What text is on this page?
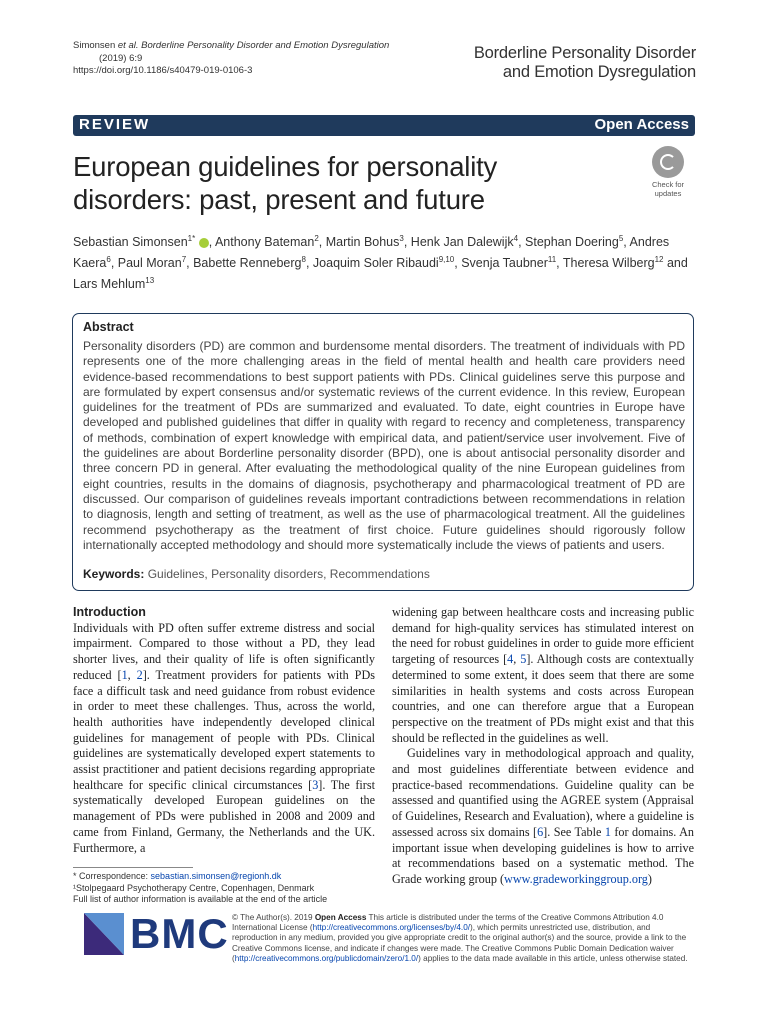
Simonsen et al. Borderline Personality Disorder and Emotion Dysregulation
(2019) 6:9
https://doi.org/10.1186/s40479-019-0106-3
Borderline Personality Disorder
and Emotion Dysregulation
REVIEW	Open Access
European guidelines for personality disorders: past, present and future	Check for updates
Sebastian Simonsen$^{1*}$ , Anthony Bateman$^2$, Martin Bohus$^3$, Henk Jan Dalewijk$^4$, Stephan Doering$^5$, Andres Kaera$^6$, Paul Moran$^7$, Babette Renneberg$^8$, Joaquim Soler Ribaudi$^{9,10}$, Svenja Taubner$^{11}$, Theresa Wilberg$^{12}$ and Lars Mehlum$^{13}$
Abstract
Personality disorders (PD) are common and burdensome mental disorders. The treatment of individuals with PD represents one of the more challenging areas in the field of mental health and health care providers need evidence-based recommendations to best support patients with PDs. Clinical guidelines serve this purpose and are formulated by expert consensus and/or systematic reviews of the current evidence. In this review, European guidelines for the treatment of PDs are summarized and evaluated. To date, eight countries in Europe have developed and published guidelines that differ in quality with regard to recency and completeness, transparency of methods, combination of expert knowledge with empirical data, and patient/service user involvement. Five of the guidelines are about Borderline personality disorder (BPD), one is about antisocial personality disorder and three concern PD in general. After evaluating the methodological quality of the nine European guidelines from eight countries, results in the domains of diagnosis, psychotherapy and pharmacological treatment of PD are discussed. Our comparison of guidelines reveals important contradictions between recommendations in relation to diagnosis, length and setting of treatment, as well as the use of pharmacological treatment. All the guidelines recommend psychotherapy as the treatment of first choice. Future guidelines should rigorously follow internationally accepted methodology and should more systematically include the views of patients and users.
Keywords: Guidelines, Personality disorders, Recommendations
Introduction

Individuals with PD often suffer extreme distress and social impairment. Compared to those without a PD, they lead shorter lives, and their quality of life is often significantly reduced [1, 2]. Treatment providers for patients with PDs face a difficult task and need guidance from robust evidence in order to meet these challenges. Thus, across the world, health authorities have independently developed clinical guidelines for management of people with PDs. Clinical guidelines are systematically developed expert statements to assist practitioner and patient decisions regarding appropriate healthcare for specific clinical circumstances [3]. The first systematically developed European guidelines on the management of PDs were published in 2008 and 2009 and came from Finland, Germany, the Netherlands and the UK. Furthermore, a

widening gap between healthcare costs and increasing public demand for high-quality services has stimulated interest on the need for robust guidelines in order to guide more efficient targeting of resources [4, 5]. Although costs are contextually determined to some extent, it does seem that there are some similarities in health systems and costs across European countries, and one can therefore argue that a European perspective on the treatment of PDs might exist and that this should be reflected in the guidelines as well.

Guidelines vary in methodological approach and quality, and most guidelines differentiate between evidence and practice-based recommendations. Guideline quality can be assessed and quantified using the AGREE system (Appraisal of Guidelines, Research and Evaluation), where a guideline is assessed across six domains [6]. See Table 1 for domains. An important issue when developing guidelines is how to arrive at recommendations based on a systematic method. The Grade working group (www.gradeworkinggroup.org)

* Correspondence: sebastian.simonsen@regionh.dk
¹Stolpegaard Psychotherapy Centre, Copenhagen, Denmark
Full list of author information is available at the end of the article
BMC © The Author(s). 2019 Open Access This article is distributed under the terms of the Creative Commons Attribution 4.0 International License (http://creativecommons.org/licenses/by/4.0/), which permits unrestricted use, distribution, and reproduction in any medium, provided you give appropriate credit to the original author(s) and the source, provide a link to the Creative Commons license, and indicate if changes were made. The Creative Commons Public Domain Dedication waiver (http://creativecommons.org/publicdomain/zero/1.0/) applies to the data made available in this article, unless otherwise stated.
